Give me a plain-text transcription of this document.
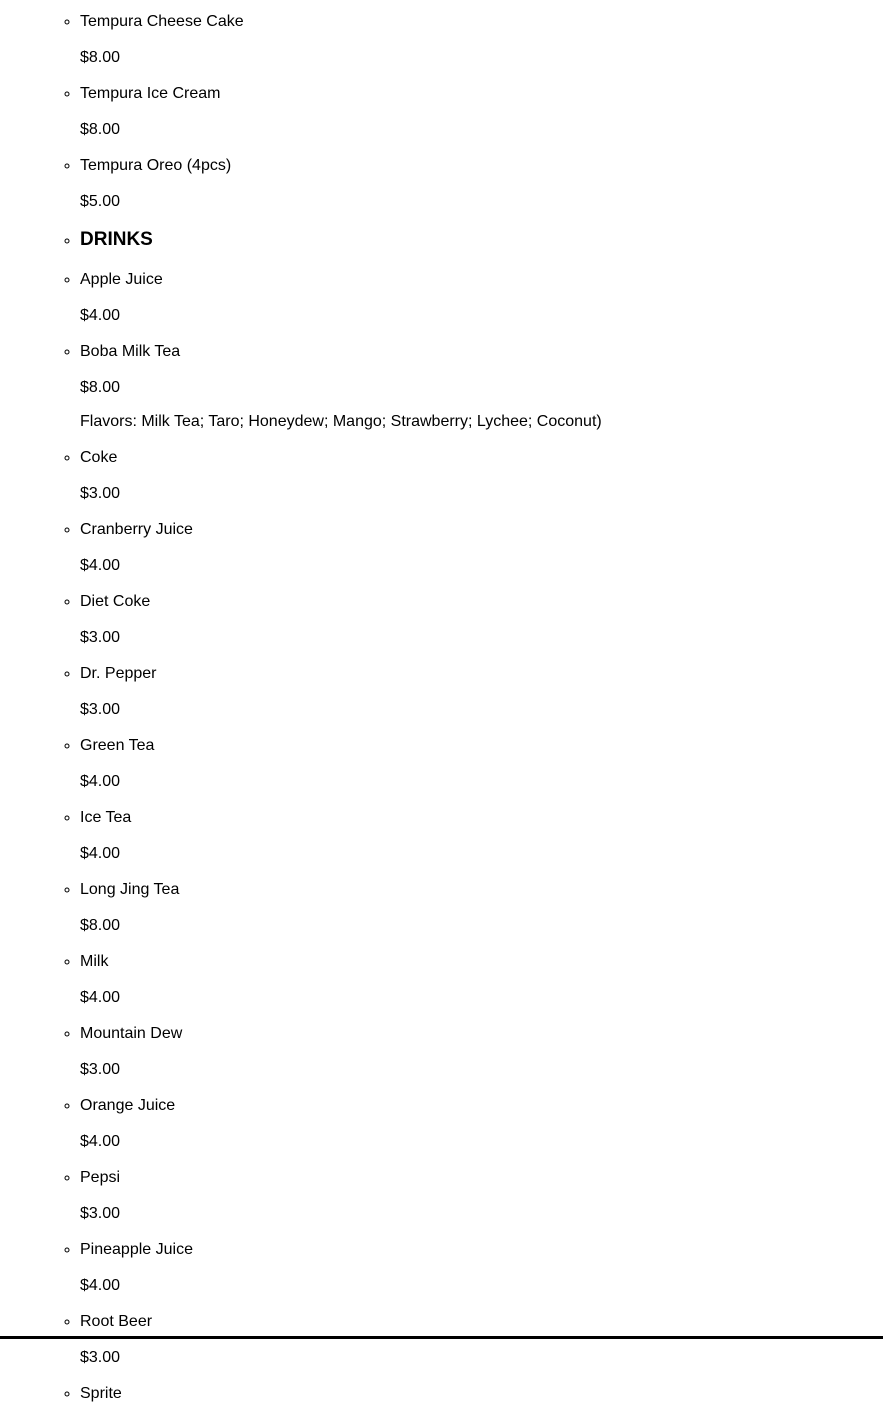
◦ Tempura Cheese Cake
$8.00
◦ Tempura Ice Cream
$8.00
◦ Tempura Oreo (4pcs)
$5.00
◦ DRINKS
◦ Apple Juice
$4.00
◦ Boba Milk Tea
$8.00
Flavors: Milk Tea; Taro; Honeydew; Mango; Strawberry; Lychee; Coconut)
◦ Coke
$3.00
◦ Cranberry Juice
$4.00
◦ Diet Coke
$3.00
◦ Dr. Pepper
$3.00
◦ Green Tea
$4.00
◦ Ice Tea
$4.00
◦ Long Jing Tea
$8.00
◦ Milk
$4.00
◦ Mountain Dew
$3.00
◦ Orange Juice
$4.00
◦ Pepsi
$3.00
◦ Pineapple Juice
$4.00
◦ Root Beer
$3.00
◦ Sprite
